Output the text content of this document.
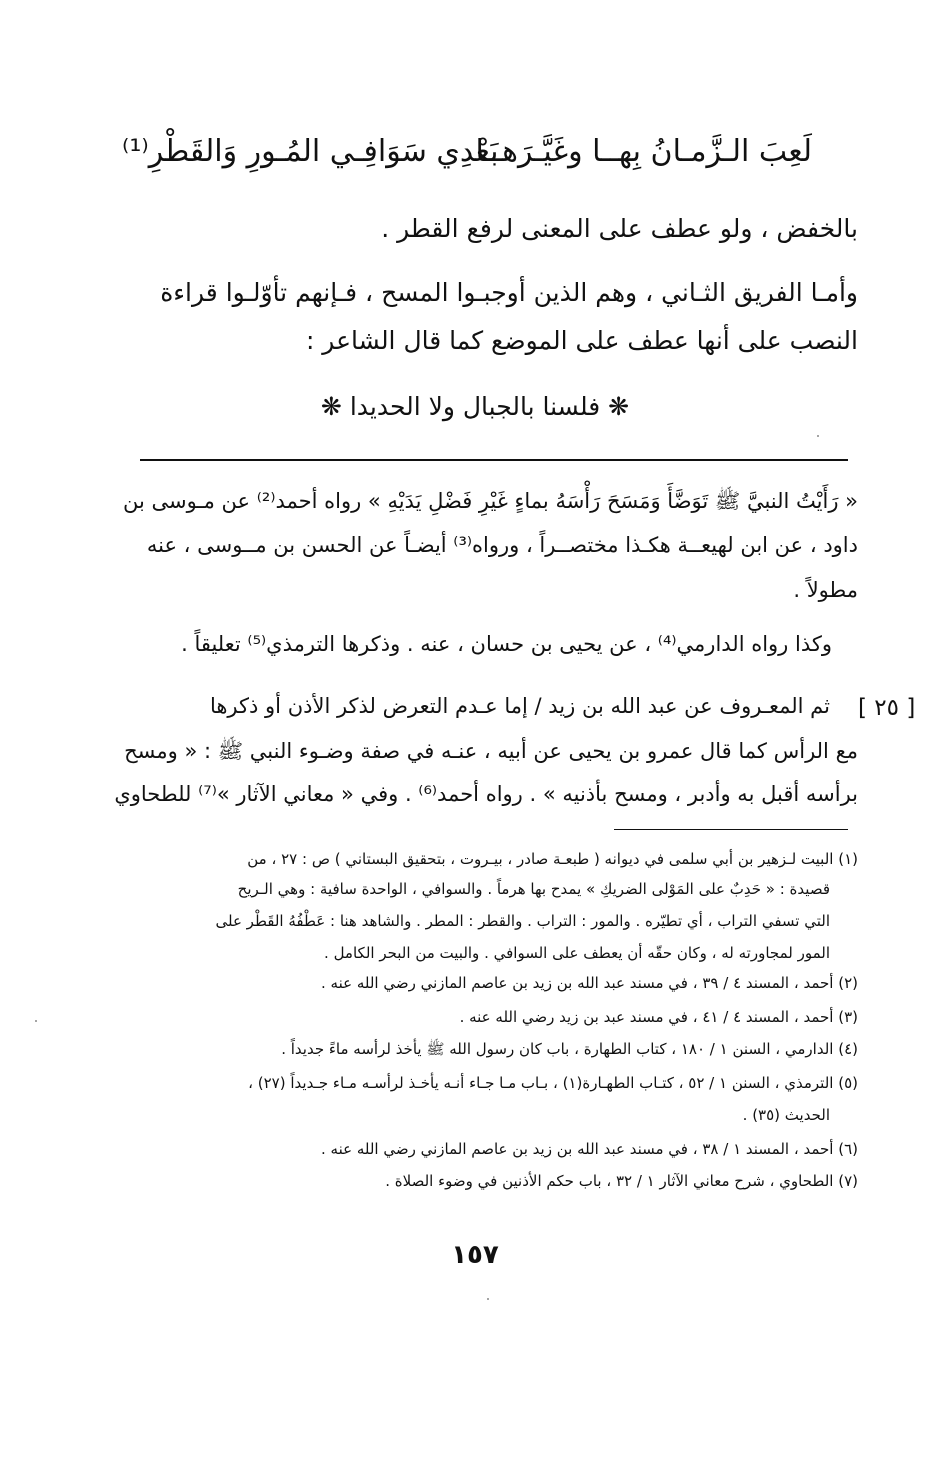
لَعِبَ الـزَّمـانُ بِهــا وغَيَّـرَهــا
بَعْدِي سَوَافِـي المُـورِ وَالقَطْرِ⁽¹⁾
بالخفض ، ولو عطف على المعنى لرفع القطر .
وأمـا الفريق الثـاني ، وهم الذين أوجبـوا المسح ، فـإنهم تأوّلـوا قراءة
النصب على أنها عطف على الموضع كما قال الشاعر :
❋ فلسنا بالجبال ولا الحديدا ❋
« رَأَيْتُ النبيَّ ﷺ تَوَضَّأَ وَمَسَحَ رَأْسَهُ بماءٍ غَيْرِ فَضْلِ يَدَيْهِ » رواه أحمد⁽²⁾ عن مـوسى بن
داود ، عن ابن لهيعــة هكـذا مختصــراً ، ورواه⁽³⁾ أيضـاً عن الحسن بن مــوسى ، عنه
مطولاً .
وكذا رواه الدارمي⁽⁴⁾ ، عن يحيى بن حسان ، عنه . وذكرها الترمذي⁽⁵⁾ تعليقاً .
[ ٢٥ ]
ثم المعـروف عن عبد الله بن زيد / إما عـدم التعرض لذكر الأذن أو ذكرها
مع الرأس كما قال عمرو بن يحيى عن أبيه ، عنـه في صفة وضـوء النبي ﷺ : « ومسح
برأسه أقبل به وأدبر ، ومسح بأذنيه » . رواه أحمد⁽⁶⁾ . وفي « معاني الآثار »⁽⁷⁾ للطحاوي
(١) البيت لـزهير بن أبي سلمى في ديوانه ( طبعـة صادر ، بيـروت ، بتحقيق البستاني ) ص : ٢٧ ، من
قصيدة : « حَدِبٌ على المَوْلى الضريكِ » يمدح بها هرماً . والسوافي ، الواحدة سافية : وهي الـريح
التي تسفي التراب ، أي تطيّره . والمور : التراب . والقطر : المطر . والشاهد هنا : عَطْفُهُ القَطْر على
المور لمجاورته له ، وكان حقّه أن يعطف على السوافي . والبيت من البحر الكامل .
(٢) أحمد ، المسند ٤ / ٣٩ ، في مسند عبد الله بن زيد بن عاصم المازني رضي الله عنه .
(٣) أحمد ، المسند ٤ / ٤١ ، في مسند عبد بن زيد رضي الله عنه .
(٤) الدارمي ، السنن ١ / ١٨٠ ، كتاب الطهارة ، باب كان رسول الله ﷺ يأخذ لرأسه ماءً جديداً .
(٥) الترمذي ، السنن ١ / ٥٢ ، كتـاب الطهـارة(١) ، بـاب مـا جـاء أنـه يأخـذ لرأسـه مـاء جـديداً (٢٧) ،
الحديث (٣٥) .
(٦) أحمد ، المسند ١ / ٣٨ ، في مسند عبد الله بن زيد بن عاصم المازني رضي الله عنه .
(٧) الطحاوي ، شرح معاني الآثار ١ / ٣٢ ، باب حكم الأذنين في وضوء الصلاة .
١٥٧
